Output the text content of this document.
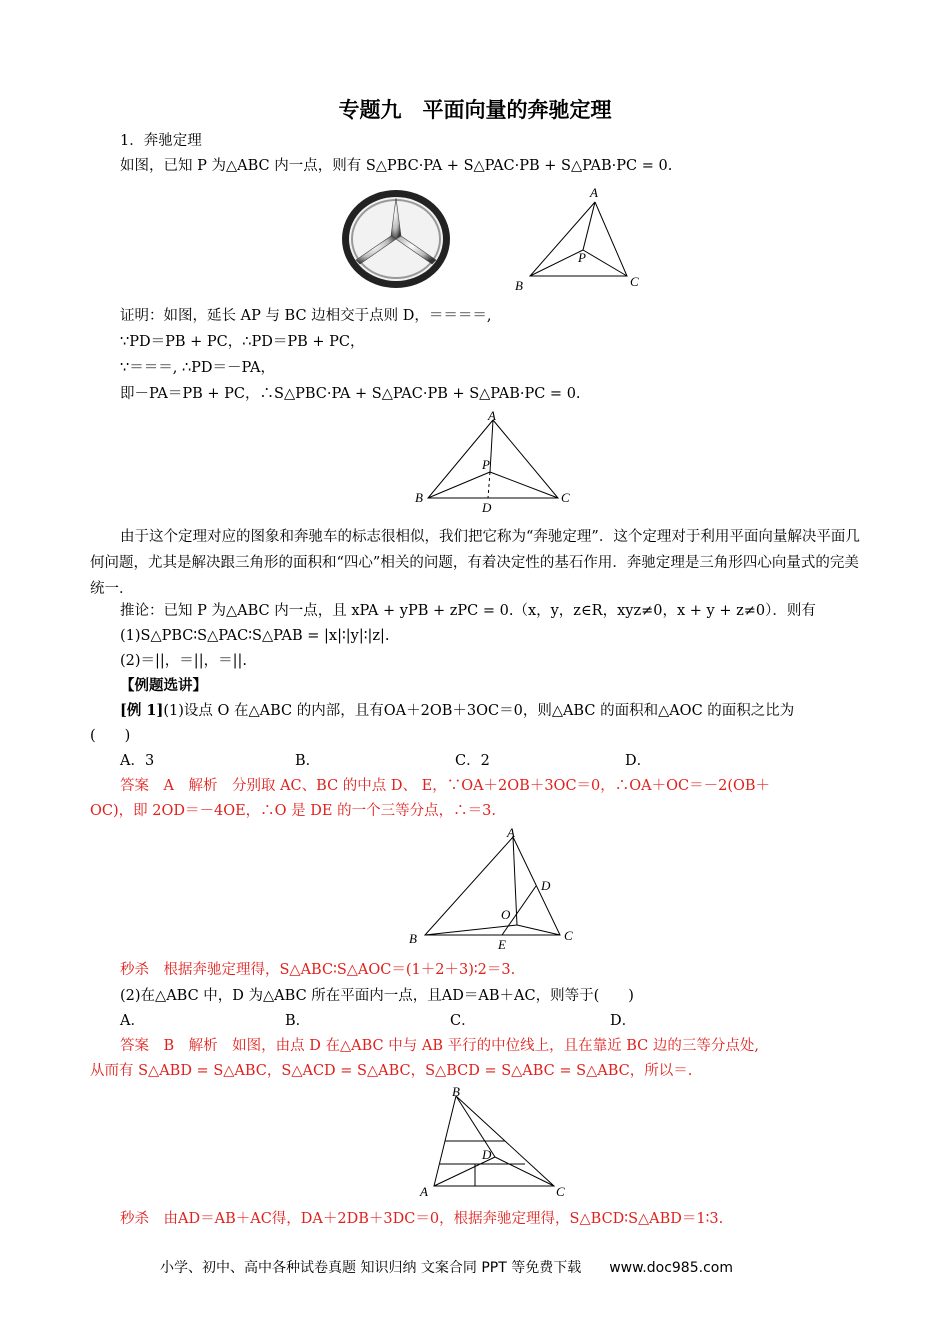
专题九　平面向量的奔驰定理
1．奔驰定理
如图，已知 P 为△ABC 内一点，则有 S△PBC·PA + S△PAC·PB + S△PAB·PC = 0.
A
B	C
P
证明：如图，延长 AP 与 BC 边相交于点则 D，＝＝＝＝,
∵PD＝PB + PC，∴PD＝PB + PC，
∵＝＝＝, ∴PD＝－PA，
即－PA＝PB + PC，∴S△PBC·PA + S△PAC·PB + S△PAB·PC = 0.
A
B	C
P
D
由于这个定理对应的图象和奔驰车的标志很相似，我们把它称为“奔驰定理”．这个定理对于利用平面向量解决平面几何问题，尤其是解决跟三角形的面积和“四心”相关的问题，有着决定性的基石作用．奔驰定理是三角形四心向量式的完美统一．
推论：已知 P 为△ABC 内一点，且 xPA + yPB + zPC = 0.（x，y，z∈R，xyz≠0，x + y + z≠0）．则有
(1)S△PBC∶S△PAC∶S△PAB = |x|∶|y|∶|z|.
(2)＝||，＝||，＝||.
【例题选讲】
[例 1](1)设点 O 在△ABC 的内部，且有OA＋2OB＋3OC＝0，则△ABC 的面积和△AOC 的面积之比为
(　　)
A．3	B．	C．2	D．
答案　A　解析　分别取 AC、BC 的中点 D、 E，∵OA＋2OB＋3OC＝0，∴OA＋OC＝－2(OB＋
OC)，即 2OD＝－4OE，∴O 是 DE 的一个三等分点，∴＝3.
A
B	C
D
E
O
秒杀　根据奔驰定理得，S△ABC∶S△AOC＝(1＋2＋3)∶2＝3.
(2)在△ABC 中，D 为△ABC 所在平面内一点，且AD＝AB＋AC，则等于(　　)
A．	B．	C．	D．
答案　B　解析　如图，由点 D 在△ABC 中与 AB 平行的中位线上，且在靠近 BC 边的三等分点处,
从而有 S△ABD = S△ABC，S△ACD = S△ABC，S△BCD = S△ABC = S△ABC，所以＝.
B
A	C
D
秒杀　由AD＝AB＋AC得，DA＋2DB＋3DC＝0，根据奔驰定理得，S△BCD∶S△ABD＝1∶3.
小学、初中、高中各种试卷真题 知识归纳 文案合同 PPT 等免费下载　　www.doc985.com
